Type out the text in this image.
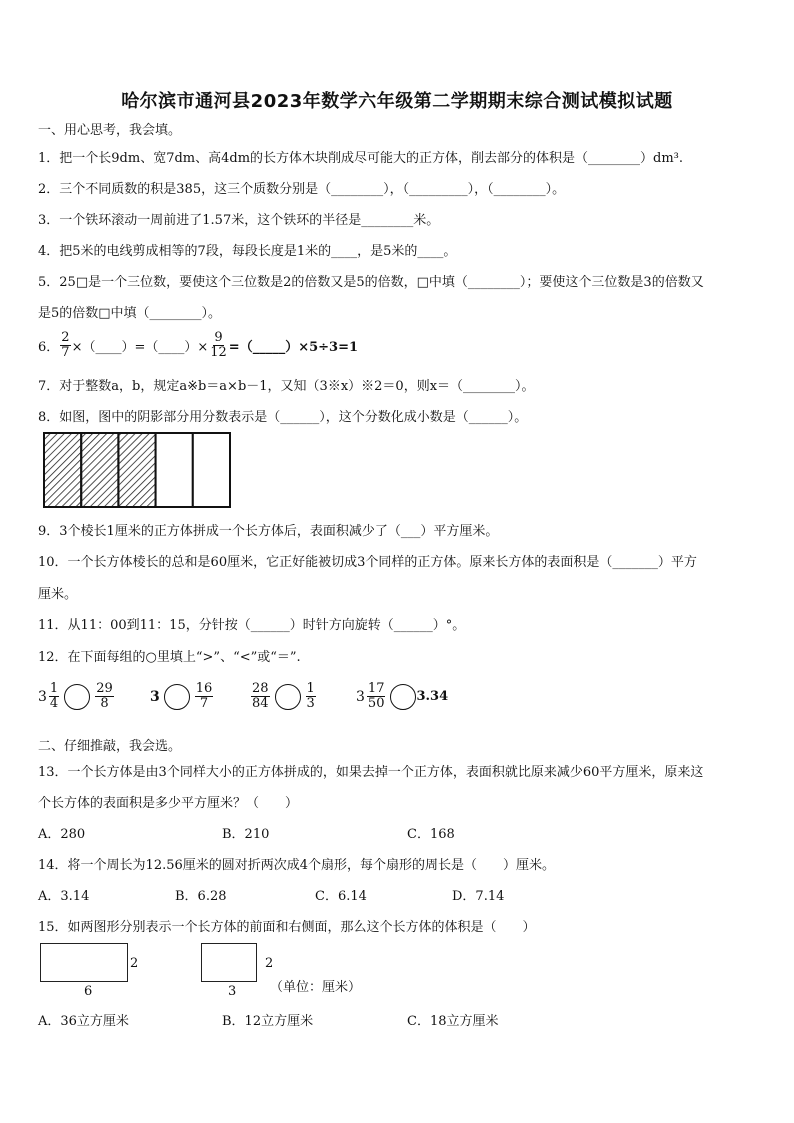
哈尔滨市通河县2023年数学六年级第二学期期末综合测试模拟试题
一、用心思考，我会填。
1．把一个长9dm、宽7dm、高4dm的长方体木块削成尽可能大的正方体，削去部分的体积是（________）dm³.
2．三个不同质数的积是385，这三个质数分别是（________），（_________），（________）。
3．一个铁环滚动一周前进了1.57米，这个铁环的半径是________米。
4．把5米的电线剪成相等的7段，每段长度是1米的____，是5米的____。
5．25□是一个三位数，要使这个三位数是2的倍数又是5的倍数，□中填（________）；要使这个三位数是3的倍数又
是5的倍数□中填（________）。
6． $\frac{2}{7}$ ×（____）=（____）× $\frac{9}{12}$ =（_____）×5÷3=1
7．对于整数a，b，规定a※b＝a×b－1，又知（3※x）※2＝0，则x＝（________）。
8．如图，图中的阴影部分用分数表示是（______），这个分数化成小数是（______）。
9．3个棱长1厘米的正方体拼成一个长方体后，表面积减少了（___）平方厘米。
10．一个长方体棱长的总和是60厘米，它正好能被切成3个同样的正方体。原来长方体的表面积是（_______）平方
厘米。
11．从11：00到11：15，分针按（______）时针方向旋转（______）°。
12．在下面每组的○里填上“>”、“<”或“＝”.
$3 \frac{1}{4}$	$\frac{29}{8}$	3	$\frac{16}{7}$	$\frac{28}{84}$	$\frac{1}{3}$	$3 \frac{17}{50} 3.34$
二、仔细推敲，我会选。
13．一个长方体是由3个同样大小的正方体拼成的，如果去掉一个正方体，表面积就比原来减少60平方厘米，原来这
个长方体的表面积是多少平方厘米？（　　）
A．280	B．210	C．168
14．将一个周长为12.56厘米的圆对折两次成4个扇形，每个扇形的周长是（　　）厘米。
A．3.14	B．6.28	C．6.14	D．7.14
15．如两图形分别表示一个长方体的前面和右侧面，那么这个长方体的体积是（　　）
2
6
2
3	（单位：厘米）
A．36立方厘米	B．12立方厘米	C．18立方厘米
